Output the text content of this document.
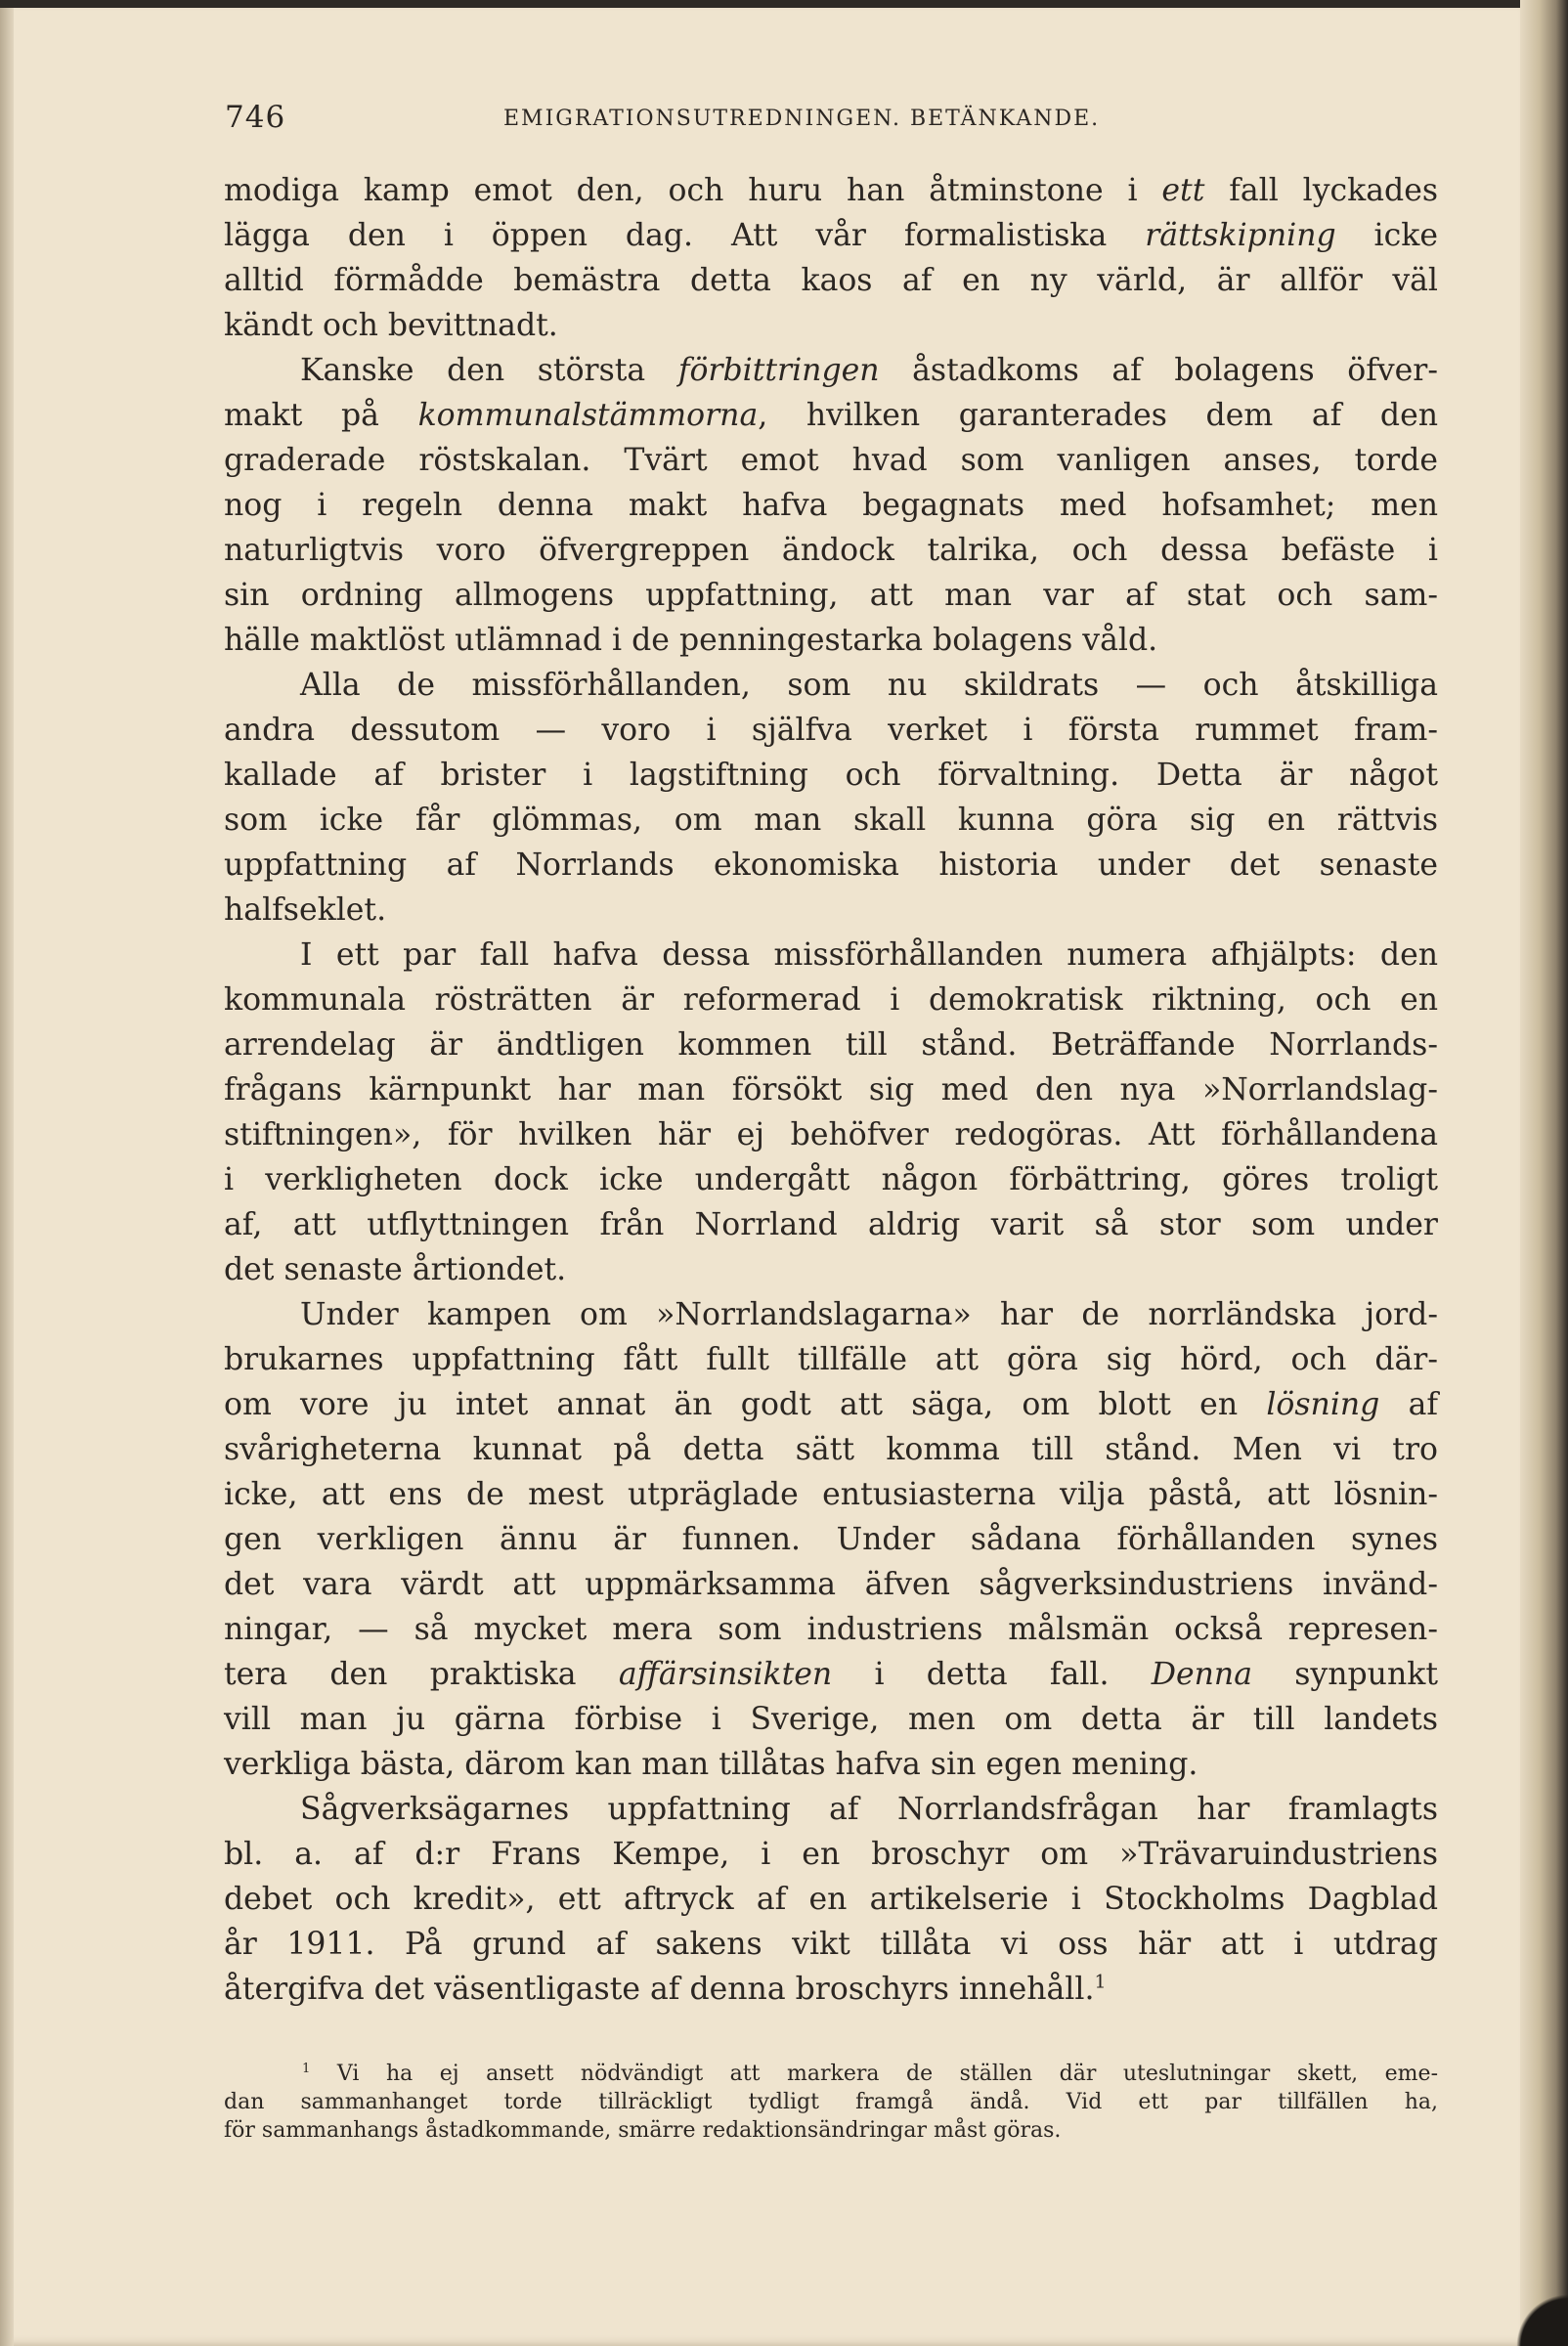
746	EMIGRATIONSUTREDNINGEN. BETÄNKANDE.
modiga kamp emot den, och huru han åtminstone i ett fall lyckades
lägga den i öppen dag. Att vår formalistiska rättskipning icke
alltid förmådde bemästra detta kaos af en ny värld, är allför väl
kändt och bevittnadt.
Kanske den största förbittringen åstadkoms af bolagens öfver-
makt på kommunalstämmorna, hvilken garanterades dem af den
graderade röstskalan. Tvärt emot hvad som vanligen anses, torde
nog i regeln denna makt hafva begagnats med hofsamhet; men
naturligtvis voro öfvergreppen ändock talrika, och dessa befäste i
sin ordning allmogens uppfattning, att man var af stat och sam-
hälle maktlöst utlämnad i de penningestarka bolagens våld.
Alla de missförhållanden, som nu skildrats — och åtskilliga
andra dessutom — voro i själfva verket i första rummet fram-
kallade af brister i lagstiftning och förvaltning. Detta är något
som icke får glömmas, om man skall kunna göra sig en rättvis
uppfattning af Norrlands ekonomiska historia under det senaste
halfseklet.
I ett par fall hafva dessa missförhållanden numera afhjälpts: den
kommunala rösträtten är reformerad i demokratisk riktning, och en
arrendelag är ändtligen kommen till stånd. Beträffande Norrlands-
frågans kärnpunkt har man försökt sig med den nya »Norrlandslag-
stiftningen», för hvilken här ej behöfver redogöras. Att förhållandena
i verkligheten dock icke undergått någon förbättring, göres troligt
af, att utflyttningen från Norrland aldrig varit så stor som under
det senaste årtiondet.
Under kampen om »Norrlandslagarna» har de norrländska jord-
brukarnes uppfattning fått fullt tillfälle att göra sig hörd, och där-
om vore ju intet annat än godt att säga, om blott en lösning af
svårigheterna kunnat på detta sätt komma till stånd. Men vi tro
icke, att ens de mest utpräglade entusiasterna vilja påstå, att lösnin-
gen verkligen ännu är funnen. Under sådana förhållanden synes
det vara värdt att uppmärksamma äfven sågverksindustriens invänd-
ningar, — så mycket mera som industriens målsmän också represen-
tera den praktiska affärsinsikten i detta fall. Denna synpunkt
vill man ju gärna förbise i Sverige, men om detta är till landets
verkliga bästa, därom kan man tillåtas hafva sin egen mening.
Sågverksägarnes uppfattning af Norrlandsfrågan har framlagts
bl. a. af d:r Frans Kempe, i en broschyr om »Trävaruindustriens
debet och kredit», ett aftryck af en artikelserie i Stockholms Dagblad
år 1911. På grund af sakens vikt tillåta vi oss här att i utdrag
återgifva det väsentligaste af denna broschyrs innehåll.$^1$
$^1$ Vi ha ej ansett nödvändigt att markera de ställen där uteslutningar skett, eme-
dan sammanhanget torde tillräckligt tydligt framgå ändå. Vid ett par tillfällen ha,
för sammanhangs åstadkommande, smärre redaktionsändringar måst göras.
